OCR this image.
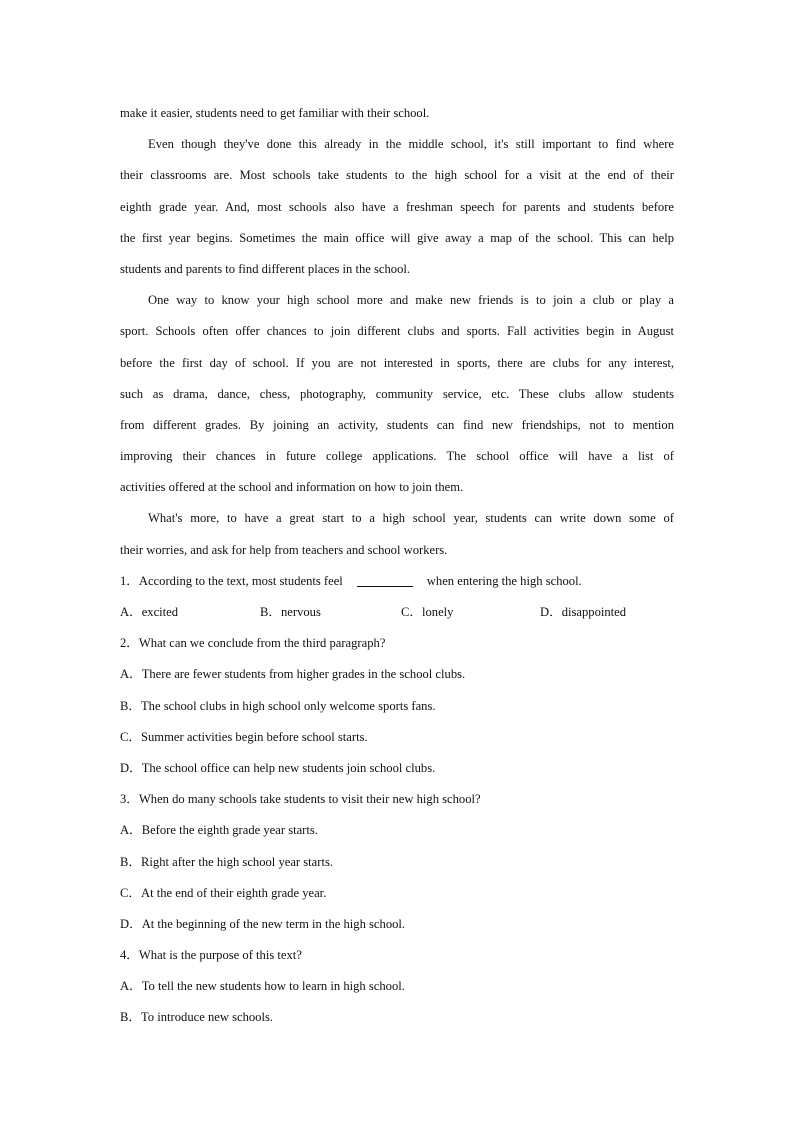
make it easier, students need to get familiar with their school.
Even though they've done this already in the middle school, it's still important to find where
their classrooms are. Most schools take students to the high school for a visit at the end of their
eighth grade year. And, most schools also have a freshman speech for parents and students before
the first year begins. Sometimes the main office will give away a map of the school. This can help
students and parents to find different places in the school.
One way to know your high school more and make new friends is to join a club or play a
sport. Schools often offer chances to join different clubs and sports. Fall activities begin in August
before the first day of school. If you are not interested in sports, there are clubs for any interest,
such as drama, dance, chess, photography, community service, etc. These clubs allow students
from different grades. By joining an activity, students can find new friendships, not to mention
improving their chances in future college applications. The school office will have a list of
activities offered at the school and information on how to join them.
What's more, to have a great start to a high school year, students can write down some of
their worries, and ask for help from teachers and school workers.
1．According to the text, most students feel	when entering the high school.
A．excited	B．nervous	C．lonely	D．disappointed
2．What can we conclude from the third paragraph?
A．There are fewer students from higher grades in the school clubs.
B．The school clubs in high school only welcome sports fans.
C．Summer activities begin before school starts.
D．The school office can help new students join school clubs.
3．When do many schools take students to visit their new high school?
A．Before the eighth grade year starts.
B．Right after the high school year starts.
C．At the end of their eighth grade year.
D．At the beginning of the new term in the high school.
4．What is the purpose of this text?
A．To tell the new students how to learn in high school.
B．To introduce new schools.
